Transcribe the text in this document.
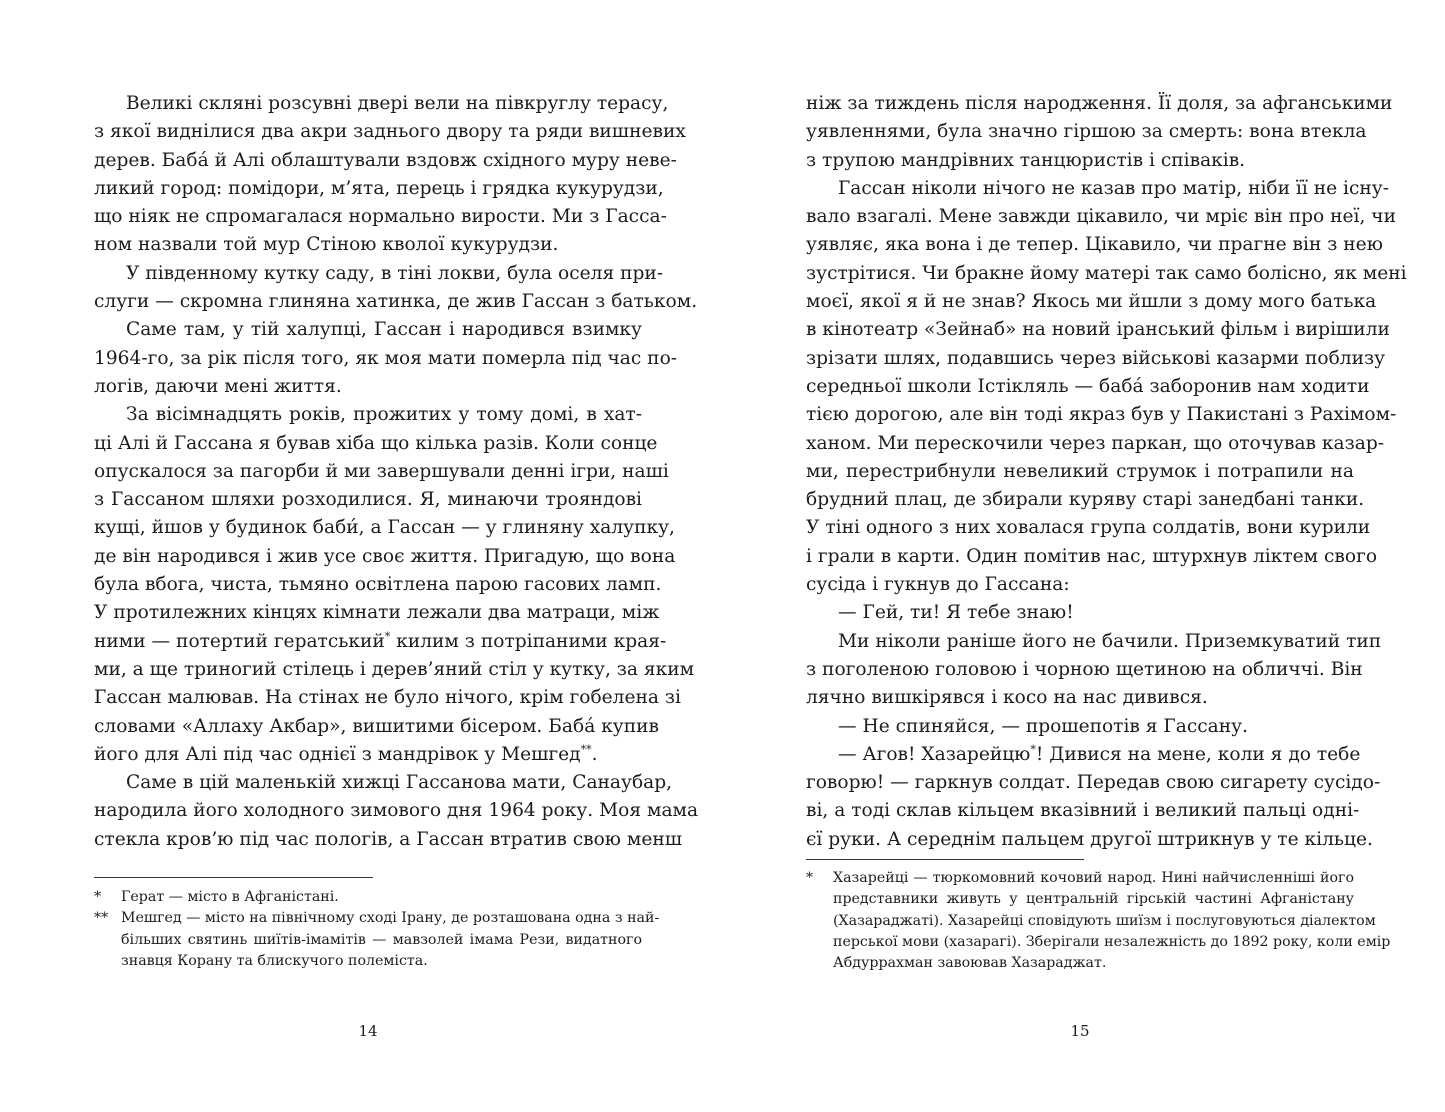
Великі скляні розсувні двері вели на півкруглу терасу,
з якої виднілися два акри заднього двору та ряди вишневих
дерев. Баба́ й Алі облаштували вздовж східного муру неве-
ликий город: помідори, м’ята, перець і грядка кукурудзи,
що ніяк не спромагалася нормально вирости. Ми з Гасса-
ном назвали той мур Стіною кволої кукурудзи.
У південному кутку саду, в тіні локви, була оселя при-
слуги — скромна глиняна хатинка, де жив Гассан з батьком.
Саме там, у тій халупці, Гассан і народився взимку
1964-го, за рік після того, як моя мати померла під час по-
логів, даючи мені життя.
За вісімнадцять років, прожитих у тому домі, в хат-
ці Алі й Гассана я бував хіба що кілька разів. Коли сонце
опускалося за пагорби й ми завершували денні ігри, наші
з Гассаном шляхи розходилися. Я, минаючи трояндові
кущі, йшов у будинок баби́, а Гассан — у глиняну халупку,
де він народився і жив усе своє життя. Пригадую, що вона
була вбога, чиста, тьмяно освітлена парою гасових ламп.
У протилежних кінцях кімнати лежали два матраци, між
ними — потертий гератський* килим з потріпаними края-
ми, а ще триногий стілець і дерев’яний стіл у кутку, за яким
Гассан малював. На стінах не було нічого, крім гобелена зі
словами «Аллаху Акбар», вишитими бісером. Баба́ купив
його для Алі під час однієї з мандрівок у Мешгед**.
Саме в цій маленькій хижці Гассанова мати, Санаубар,
народила його холодного зимового дня 1964 року. Моя мама
стекла кров’ю під час пологів, а Гассан втратив свою менш
*	Герат — місто в Афганістані.
** Мешгед — місто на північному сході Ірану, де розташована одна з най-
більших святинь шиїтів-імамітів — мавзолей імама Рези, видатного
знавця Корану та блискучого полеміста.
14
ніж за тиждень після народження. Її доля, за афганськими
уявленнями, була значно гіршою за смерть: вона втекла
з трупою мандрівних танцюристів і співаків.
Гассан ніколи нічого не казав про матір, ніби її не існу-
вало взагалі. Мене завжди цікавило, чи мріє він про неї, чи
уявляє, яка вона і де тепер. Цікавило, чи прагне він з нею
зустрітися. Чи бракне йому матері так само болісно, як мені
моєї, якої я й не знав? Якось ми йшли з дому мого батька
в кінотеатр «Зейнаб» на новий іранський фільм і вирішили
зрізати шлях, подавшись через військові казарми поблизу
середньої школи Істікляль — баба́ заборонив нам ходити
тією дорогою, але він тоді якраз був у Пакистані з Рахімом-
ханом. Ми перескочили через паркан, що оточував казар-
ми, перестрибнули невеликий струмок і потрапили на
брудний плац, де збирали куряву старі занедбані танки.
У тіні одного з них ховалася група солдатів, вони курили
і грали в карти. Один помітив нас, штурхнув ліктем свого
сусіда і гукнув до Гассана:
— Гей, ти! Я тебе знаю!
Ми ніколи раніше його не бачили. Приземкуватий тип
з поголеною головою і чорною щетиною на обличчі. Він
лячно вишкірявся і косо на нас дивився.
— Не спиняйся, — прошепотів я Гассану.
— Агов! Хазарейцю*! Дивися на мене, коли я до тебе
говорю! — гаркнув солдат. Передав свою сигарету сусідо-
ві, а тоді склав кільцем вказівний і великий пальці одні-
єї руки. А середнім пальцем другої штрикнув у те кільце.
*	Хазарейці — тюркомовний кочовий народ. Нині найчисленніші його
представники живуть у центральній гірській частині Афганістану
(Хазараджаті). Хазарейці сповідують шиїзм і послуговуються діалектом
перської мови (хазарагі). Зберігали незалежність до 1892 року, коли емір
Абдуррахман завоював Хазараджат.
15
